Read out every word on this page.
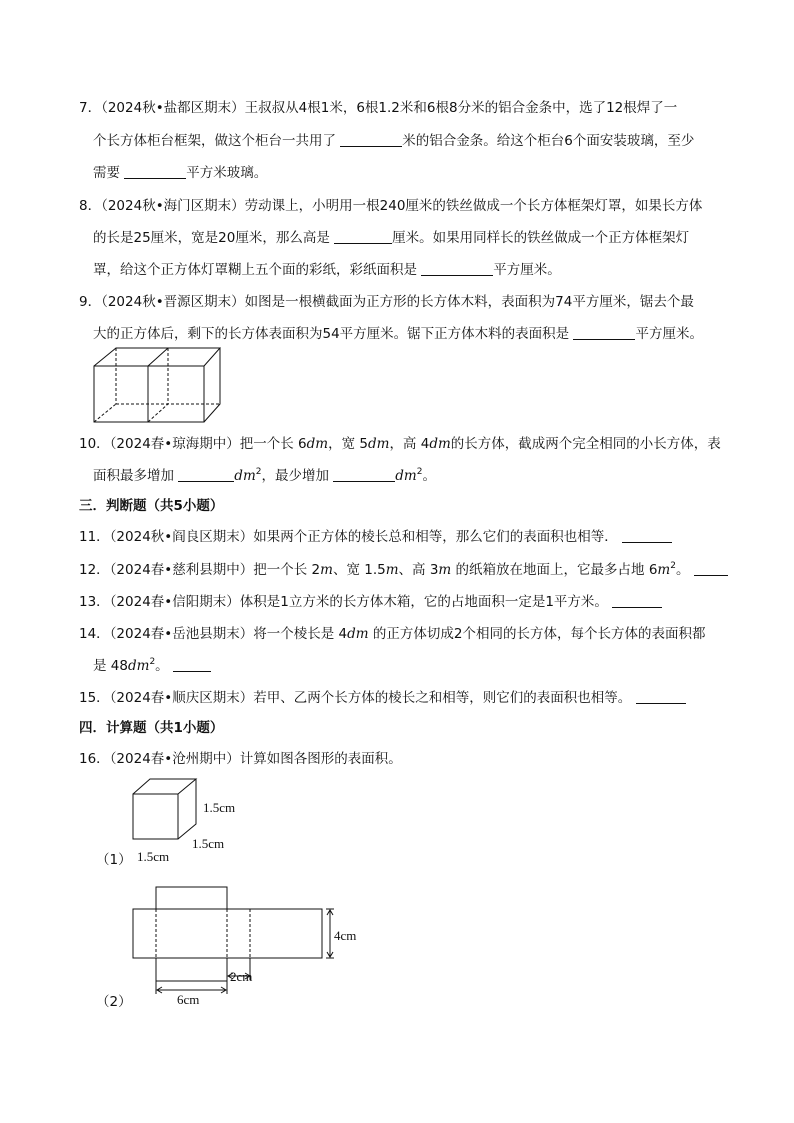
7．（2024秋•盐都区期末）王叔叔从4根1米，6根1.2米和6根8分米的铝合金条中，选了12根焊了一
个长方体柜台框架，做这个柜台一共用了	米的铝合金条。给这个柜台6个面安装玻璃，至少
需要	平方米玻璃。
8．（2024秋•海门区期末）劳动课上，小明用一根240厘米的铁丝做成一个长方体框架灯罩，如果长方体
的长是25厘米，宽是20厘米，那么高是	厘米。如果用同样长的铁丝做成一个正方体框架灯
罩，给这个正方体灯罩糊上五个面的彩纸，彩纸面积是	平方厘米。
9．（2024秋•晋源区期末）如图是一根横截面为正方形的长方体木料，表面积为74平方厘米，锯去个最
大的正方体后，剩下的长方体表面积为54平方厘米。锯下正方体木料的表面积是	平方厘米。
10．（2024春•琼海期中）把一个长 6dm，宽 5dm，高 4dm的长方体，截成两个完全相同的小长方体，表
面积最多增加	$dm^2$，最少增加	$dm^2$。
三．判断题（共5小题）
11．（2024秋•阎良区期末）如果两个正方体的棱长总和相等，那么它们的表面积也相等．
12．（2024春•慈利县期中）把一个长 2m、宽 1.5m、高 3m 的纸箱放在地面上，它最多占地 $6m^2$。
13．（2024春•信阳期末）体积是1立方米的长方体木箱，它的占地面积一定是1平方米。
14．（2024春•岳池县期末）将一个棱长是 4dm 的正方体切成2个相同的长方体，每个长方体的表面积都
是 $48dm^2$。
15．（2024春•顺庆区期末）若甲、乙两个长方体的棱长之和相等，则它们的表面积也相等。
四．计算题（共1小题）
16．（2024春•沧州期中）计算如图各图形的表面积。
1.5cm
1.5cm
1.5cm
（1）
4cm
2cm
6cm
（2）
